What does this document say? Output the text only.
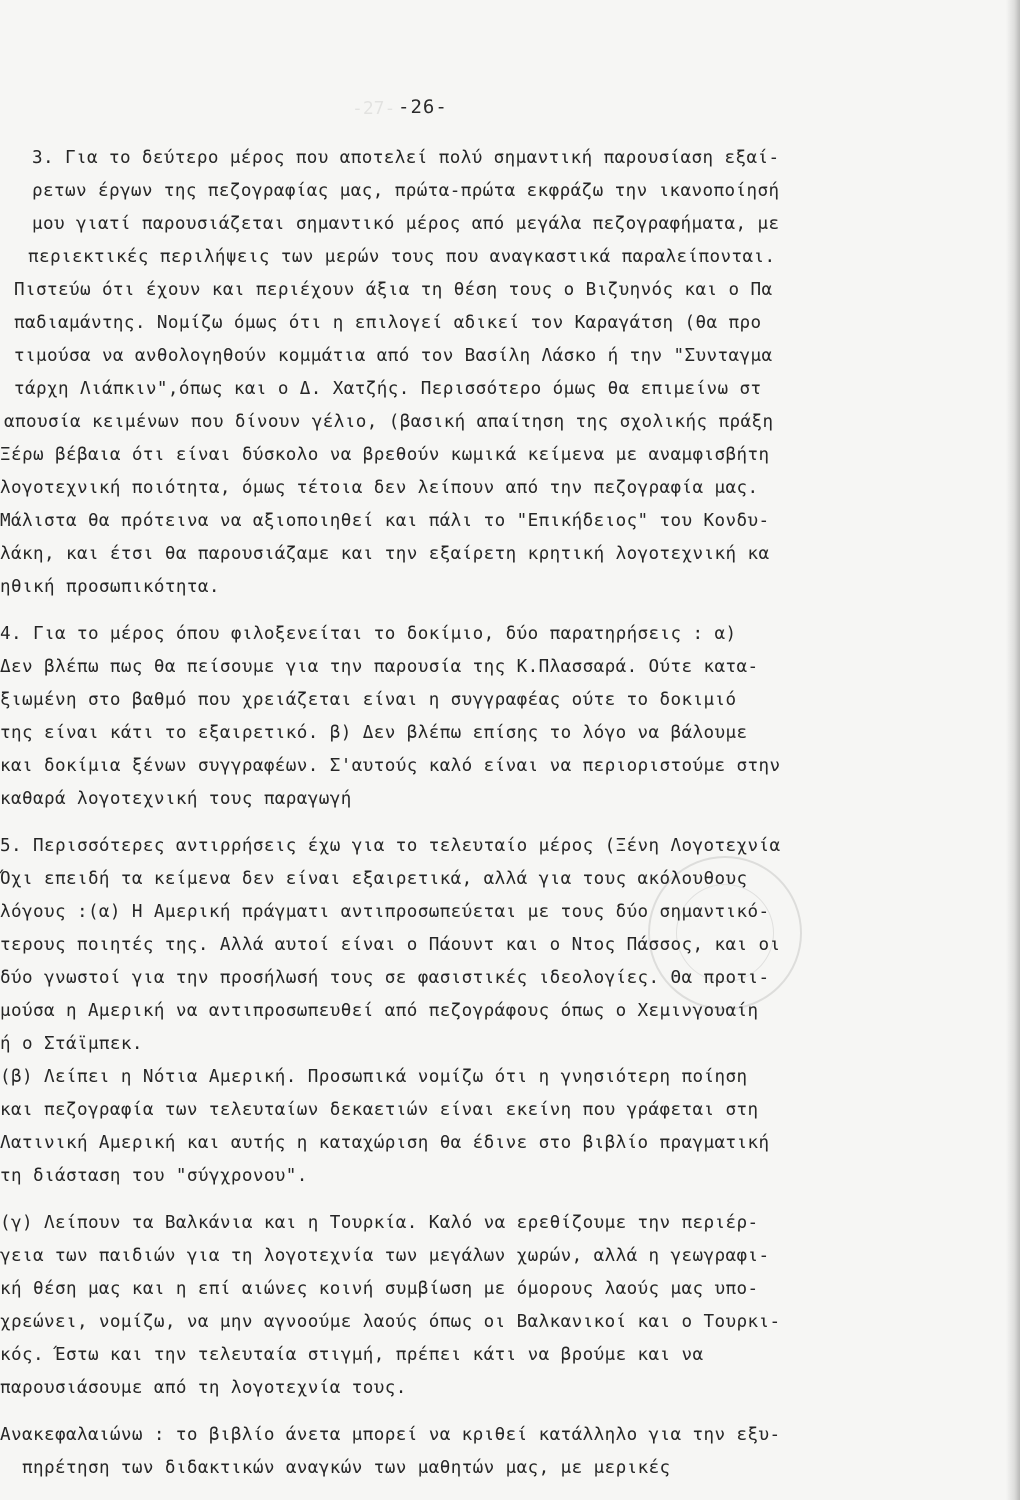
-27- -26-
3. Για το δεύτερο μέρος που αποτελεί πολύ σημαντική παρουσίαση εξαί-
ρετων έργων της πεζογραφίας μας, πρώτα-πρώτα εκφράζω την ικανοποίησή
μου γιατί παρουσιάζεται σημαντικό μέρος από μεγάλα πεζογραφήματα, με
περιεκτικές περιλήψεις των μερών τους που αναγκαστικά παραλείπονται.
Πιστεύω ότι έχουν και περιέχουν άξια τη θέση τους ο Βιζυηνός και ο Πα
παδιαμάντης. Νομίζω όμως ότι η επιλογεί αδικεί τον Καραγάτση (θα προ
τιμούσα να ανθολογηθούν κομμάτια από τον Βασίλη Λάσκο ή την "Συνταγμα
τάρχη Λιάπκιν",όπως και ο Δ. Χατζής. Περισσότερο όμως θα επιμείνω στ
απουσία κειμένων που δίνουν γέλιο, (βασική απαίτηση της σχολικής πράξη
Ξέρω βέβαια ότι είναι δύσκολο να βρεθούν κωμικά κείμενα με αναμφισβήτη
λογοτεχνική ποιότητα, όμως τέτοια δεν λείπουν από την πεζογραφία μας.
Μάλιστα θα πρότεινα να αξιοποιηθεί και πάλι το "Επικήδειος" του Κονδυ-
λάκη, και έτσι θα παρουσιάζαμε και την εξαίρετη κρητική λογοτεχνική κα
ηθική προσωπικότητα.
4. Για το μέρος όπου φιλοξενείται το δοκίμιο, δύο παρατηρήσεις : α)
Δεν βλέπω πως θα πείσουμε για την παρουσία της Κ.Πλασσαρά. Ούτε κατα-
ξιωμένη στο βαθμό που χρειάζεται είναι η συγγραφέας ούτε το δοκιμιό
της είναι κάτι το εξαιρετικό. β) Δεν βλέπω επίσης το λόγο να βάλουμε
και δοκίμια ξένων συγγραφέων. Σ'αυτούς καλό είναι να περιοριστούμε στην
καθαρά λογοτεχνική τους παραγωγή
5. Περισσότερες αντιρρήσεις έχω για το τελευταίο μέρος (Ξένη Λογοτεχνία
Όχι επειδή τα κείμενα δεν είναι εξαιρετικά, αλλά για τους ακόλουθους
λόγους :(α) Η Αμερική πράγματι αντιπροσωπεύεται με τους δύο σημαντικό-
τερους ποιητές της. Αλλά αυτοί είναι ο Πάουντ και ο Ντος Πάσσος, και οι
δύο γνωστοί για την προσήλωσή τους σε φασιστικές ιδεολογίες. Θα προτι-
μούσα η Αμερική να αντιπροσωπευθεί από πεζογράφους όπως ο Χεμινγουαίη
ή ο Στάϊμπεκ.
(β) Λείπει η Νότια Αμερική. Προσωπικά νομίζω ότι η γνησιότερη ποίηση
και πεζογραφία των τελευταίων δεκαετιών είναι εκείνη που γράφεται στη
Λατινική Αμερική και αυτής η καταχώριση θα έδινε στο βιβλίο πραγματική
τη διάσταση του "σύγχρονου".
(γ) Λείπουν τα Βαλκάνια και η Τουρκία. Καλό να ερεθίζουμε την περιέρ-
γεια των παιδιών για τη λογοτεχνία των μεγάλων χωρών, αλλά η γεωγραφι-
κή θέση μας και η επί αιώνες κοινή συμβίωση με όμορους λαούς μας υπο-
χρεώνει, νομίζω, να μην αγνοούμε λαούς όπως οι Βαλκανικοί και ο Τουρκι-
κός. Έστω και την τελευταία στιγμή, πρέπει κάτι να βρούμε και να
παρουσιάσουμε από τη λογοτεχνία τους.
Ανακεφαλαιώνω : το βιβλίο άνετα μπορεί να κριθεί κατάλληλο για την εξυ-
πηρέτηση των διδακτικών αναγκών των μαθητών μας, με μερικές
